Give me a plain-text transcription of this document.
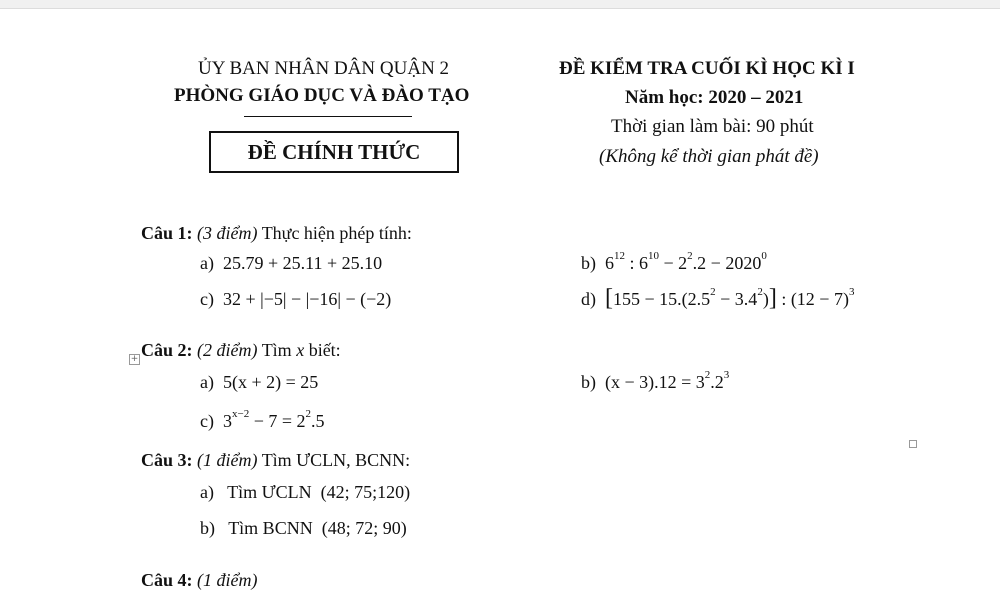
ỦY BAN NHÂN DÂN QUẬN 2
PHÒNG GIÁO DỤC VÀ ĐÀO TẠO
ĐỀ CHÍNH THỨC
ĐỀ KIỂM TRA CUỐI KÌ HỌC KÌ I
Năm học: 2020 – 2021
Thời gian làm bài: 90 phút
(Không kể thời gian phát đề)
Câu 1: (3 điểm) Thực hiện phép tính:
a) 25.79 + 25.11 + 25.10	b) $6^{12}$ : $6^{10} - 2^2.2 - 2020^0$
c) 32 + |−5| − |−16| − (−2)	d) $[155 - 15.(2.5^2 - 3.4^2)]$ : $(12 - 7)^3$
+ Câu 2: (2 điểm) Tìm x biết:
a) 5(x + 2) = 25	b) $(x - 3).12 = 3^2.2^3$
c) $3^{x-2} - 7 = 2^2.5$
Câu 3: (1 điểm) Tìm ƯCLN, BCNN:
a) Tìm ƯCLN (42; 75;120)
b) Tìm BCNN (48; 72; 90)
Câu 4: (1 điểm)
